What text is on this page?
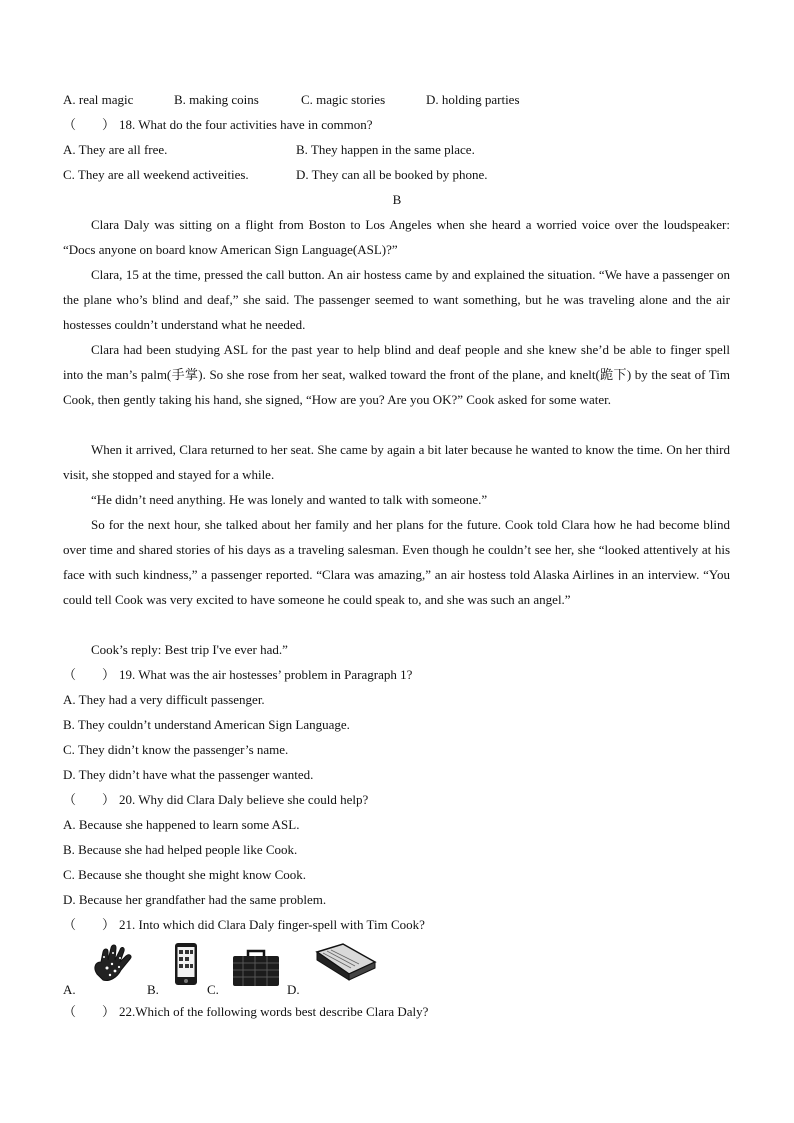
A. real magic	B. making coins	C. magic stories	D. holding parties
（　　） 18. What do the four activities have in common?
A. They are all free.	B. They happen in the same place.
C. They are all weekend activeities.	D. They can all be booked by phone.
B
Clara Daly was sitting on a flight from Boston to Los Angeles when she heard a worried voice over the loudspeaker: “Docs anyone on board know American Sign Language(ASL)?”
Clara, 15 at the time, pressed the call button. An air hostess came by and explained the situation. “We have a passenger on the plane who’s blind and deaf,” she said. The passenger seemed to want something, but he was traveling alone and the air hostesses couldn’t understand what he needed.
Clara had been studying ASL for the past year to help blind and deaf people and she knew she’d be able to finger spell into the man’s palm(手掌). So she rose from her seat, walked toward the front of the plane, and knelt(跪下) by the seat of Tim Cook, then gently taking his hand, she signed, “How are you? Are you OK?” Cook asked for some water.
When it arrived, Clara returned to her seat. She came by again a bit later because he wanted to know the time. On her third visit, she stopped and stayed for a while.
“He didn’t need anything. He was lonely and wanted to talk with someone.”
So for the next hour, she talked about her family and her plans for the future. Cook told Clara how he had become blind over time and shared stories of his days as a traveling salesman. Even though he couldn’t see her, she “looked attentively at his face with such kindness,” a passenger reported. “Clara was amazing,” an air hostess told Alaska Airlines in an interview. “You could tell Cook was very excited to have someone he could speak to, and she was such an angel.”
Cook’s reply: Best trip I've ever had.”
（　　） 19. What was the air hostesses’ problem in Paragraph 1?
A. They had a very difficult passenger.
B. They couldn’t understand American Sign Language.
C. They didn’t know the passenger’s name.
D. They didn’t have what the passenger wanted.
（　　） 20. Why did Clara Daly believe she could help?
A. Because she happened to learn some ASL.
B. Because she had helped people like Cook.
C. Because she thought she might know Cook.
D. Because her grandfather had the same problem.
（　　） 21. Into which did Clara Daly finger-spell with Tim Cook?
A.	B.	C.	D.
（　　） 22.Which of the following words best describe Clara Daly?
